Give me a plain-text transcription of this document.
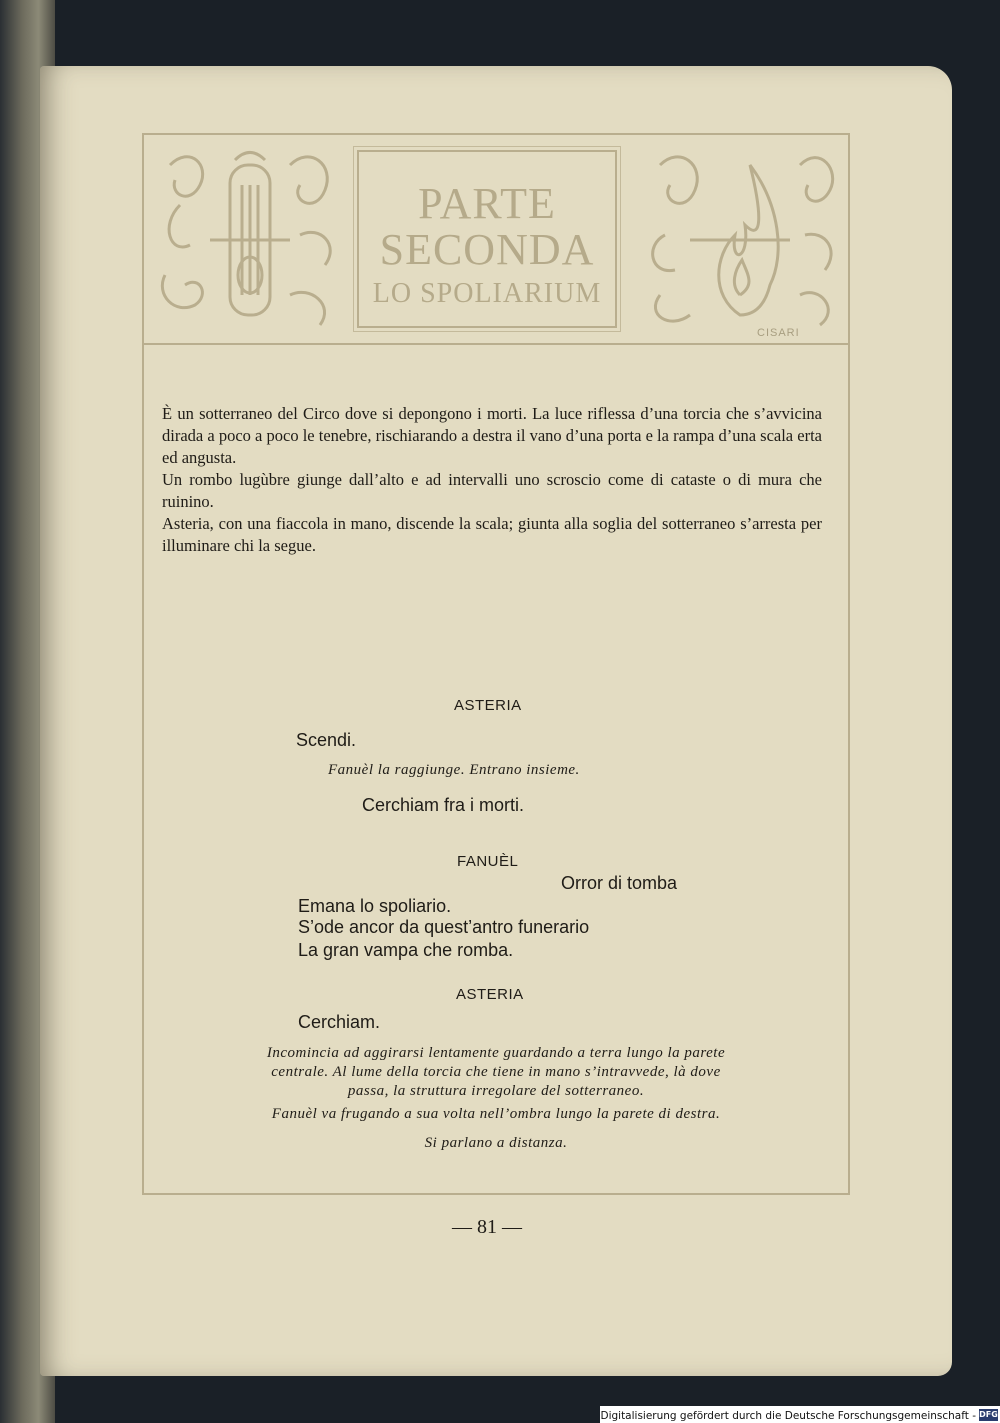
PARTE
SECONDA
LO SPOLIARIUM
CISARI
È un sotterraneo del Circo dove si depongono i morti. La luce riflessa d’una torcia che s’avvicina dirada a poco a poco le tenebre, rischiarando a destra il vano d’una porta e la rampa d’una scala erta ed angusta.
Un rombo lugùbre giunge dall’alto e ad intervalli uno scroscio come di cataste o di mura che ruinino.
Asteria, con una fiaccola in mano, discende la scala; giunta alla soglia del sotterraneo s’arresta per illuminare chi la segue.
ASTERIA
Scendi.
Fanuèl la raggiunge. Entrano insieme.
Cerchiam fra i morti.
FANUÈL
Orror di tomba
Emana lo spoliario.
S’ode ancor da quest’antro funerario
La gran vampa che romba.
ASTERIA
Cerchiam.
Incomincia ad aggirarsi lentamente guardando a terra lungo la parete
centrale. Al lume della torcia che tiene in mano s’intravvede, là dove
passa, la struttura irregolare del sotterraneo.
Fanuèl va frugando a sua volta nell’ombra lungo la parete di destra.
Si parlano a distanza.
— 81 —
Digitalisierung gefördert durch die Deutsche Forschungsgemeinschaft - DFG
